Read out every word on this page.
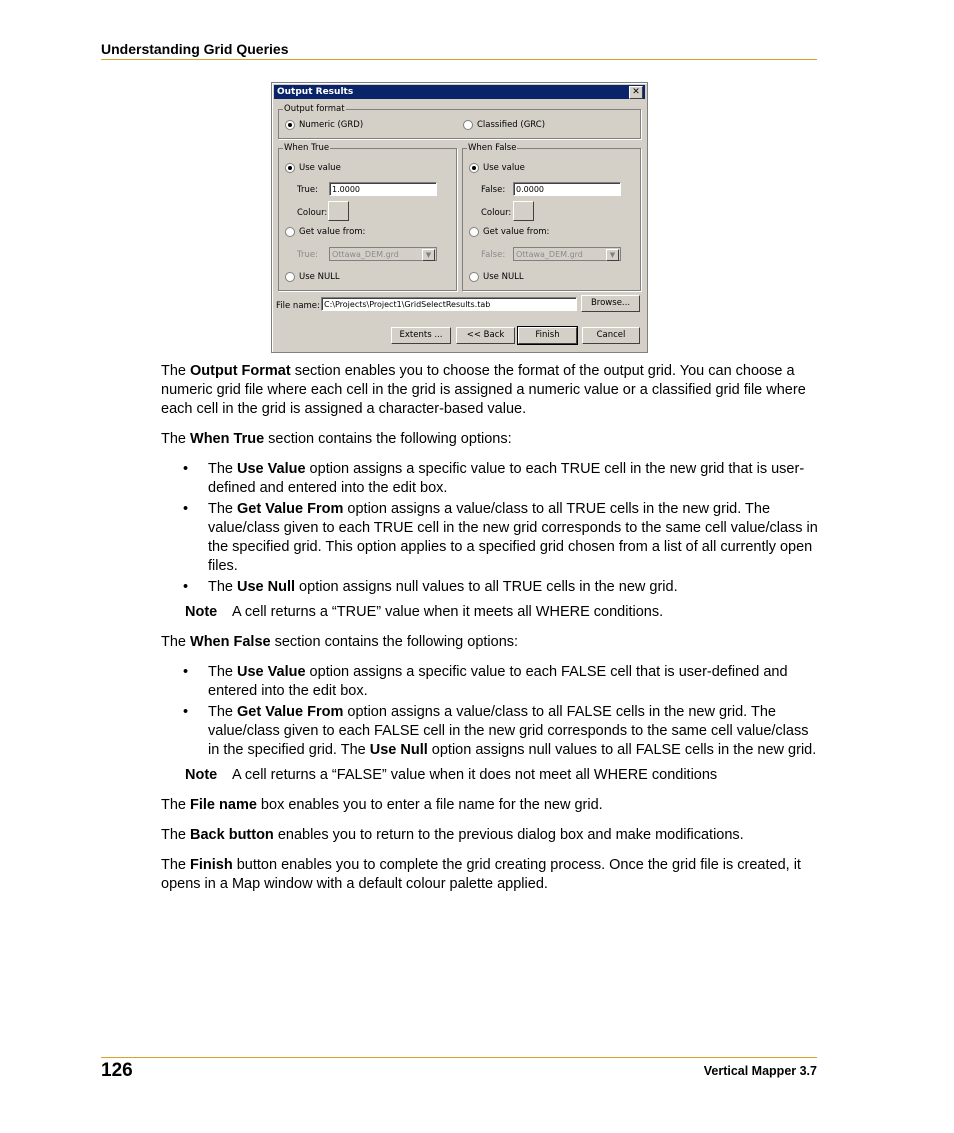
Understanding Grid Queries
Output Results	✕
Output format
Numeric (GRD)	Classified (GRC)
When True
Use value
True:	1.0000
Colour:
Get value from:
True:	Ottawa_DEM.grd	▼
Use NULL
When False
Use value
False:	0.0000
Colour:
Get value from:
False:	Ottawa_DEM.grd	▼
Use NULL
File name: C:\Projects\Project1\GridSelectResults.tab	Browse...
Extents ...	<< Back	Finish	Cancel

The Output Format section enables you to choose the format of the output grid. You can choose a numeric grid file where each cell in the grid is assigned a numeric value or a classified grid file where each cell in the grid is assigned a character-based value.

The When True section contains the following options:

• The Use Value option assigns a specific value to each TRUE cell in the new grid that is user-defined and entered into the edit box.
• The Get Value From option assigns a value/class to all TRUE cells in the new grid. The value/class given to each TRUE cell in the new grid corresponds to the same cell value/class in the specified grid. This option applies to a specified grid chosen from a list of all currently open files.
• The Use Null option assigns null values to all TRUE cells in the new grid.

Note A cell returns a “TRUE” value when it meets all WHERE conditions.

The When False section contains the following options:

• The Use Value option assigns a specific value to each FALSE cell that is user-defined and entered into the edit box.
• The Get Value From option assigns a value/class to all FALSE cells in the new grid. The value/class given to each FALSE cell in the new grid corresponds to the same cell value/class in the specified grid. The Use Null option assigns null values to all FALSE cells in the new grid.

Note A cell returns a “FALSE” value when it does not meet all WHERE conditions

The File name box enables you to enter a file name for the new grid.

The Back button enables you to return to the previous dialog box and make modifications.

The Finish button enables you to complete the grid creating process. Once the grid file is created, it opens in a Map window with a default colour palette applied.

126	Vertical Mapper 3.7
